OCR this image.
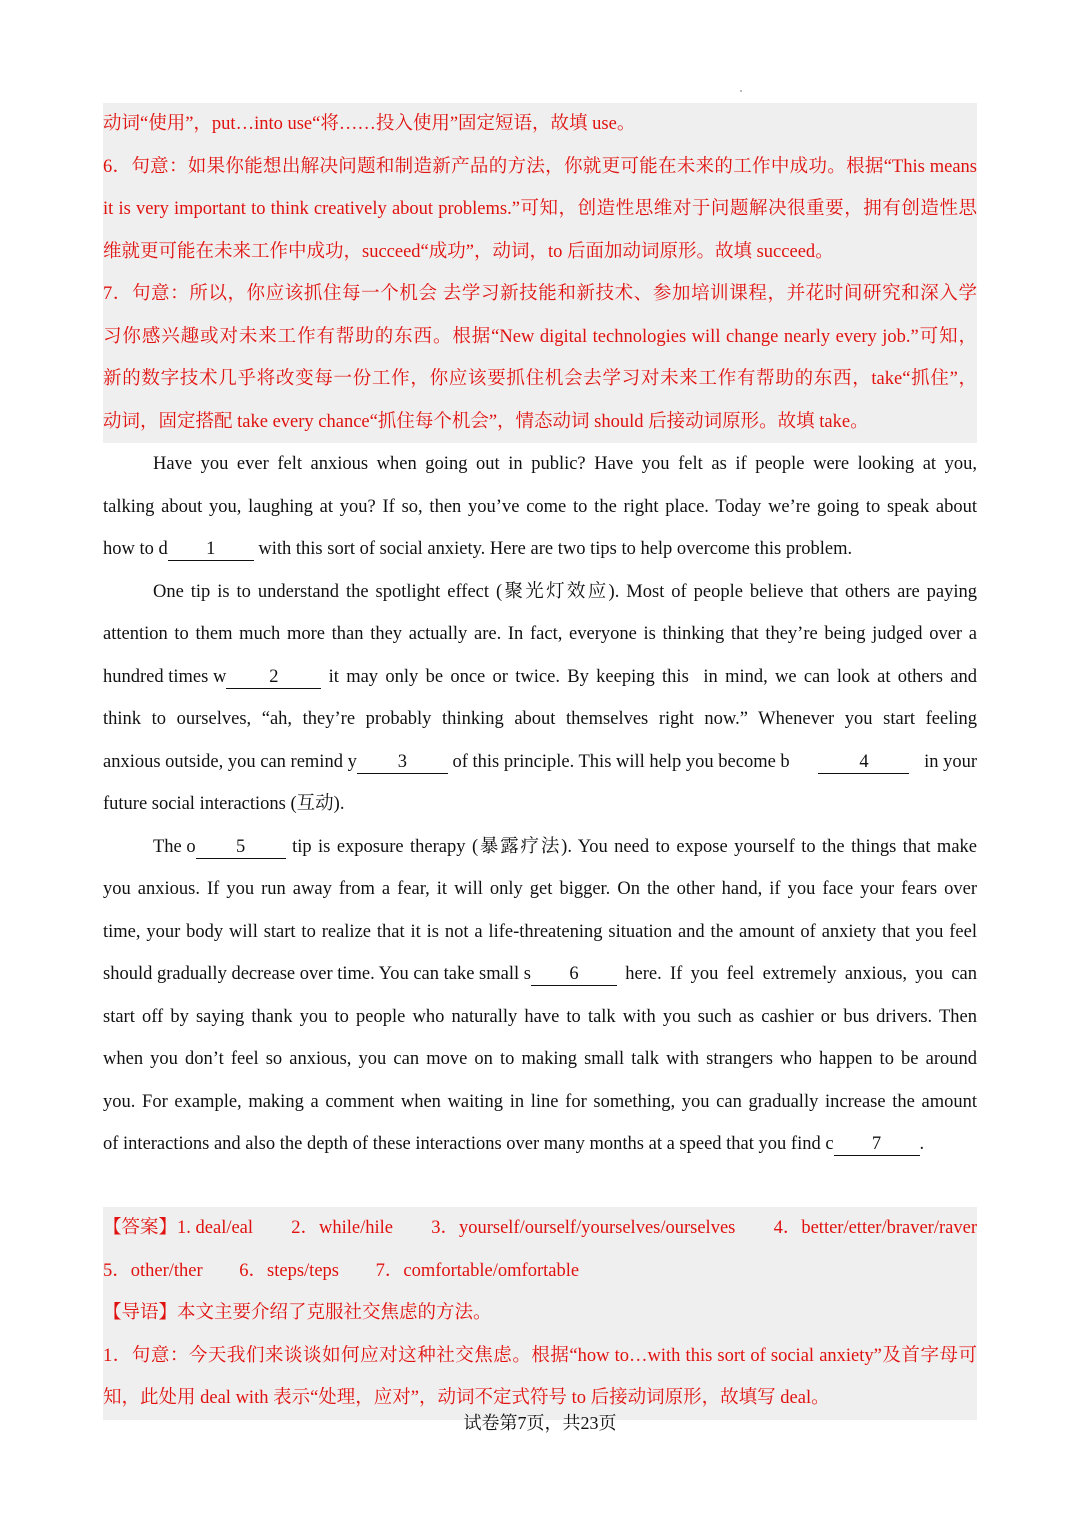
动词“使用”，put…into use“将……投入使用”固定短语，故填 use。
6．句意：如果你能想出解决问题和制造新产品的方法，你就更可能在未来的工作中成功。根据“This means
it is very important to think creatively about problems.”可知，创造性思维对于问题解决很重要，拥有创造性思
维就更可能在未来工作中成功，succeed“成功”，动词，to 后面加动词原形。故填 succeed。
7．句意：所以，你应该抓住每一个机会 去学习新技能和新技术、参加培训课程，并花时间研究和深入学
习你感兴趣或对未来工作有帮助的东西。根据“New digital technologies will change nearly every job.”可知，
新的数字技术几乎将改变每一份工作，你应该要抓住机会去学习对未来工作有帮助的东西，take“抓住”，
动词，固定搭配 take every chance“抓住每个机会”，情态动词 should 后接动词原形。故填 take。
Have you ever felt anxious when going out in public? Have you felt as if people were looking at you,
talking about you, laughing at you? If so, then you’ve come to the right place. Today we’re going to speak about
how to d 1 with this sort of social anxiety. Here are two tips to help overcome this problem.
One tip is to understand the spotlight effect (聚光灯效应). Most of people believe that others are paying
attention to them much more than they actually are. In fact, everyone is thinking that they’re being judged over a
hundred times w	2	it may only be once or twice. By keeping this  in mind, we can look at others and
think to ourselves, “ah, they’re probably thinking about themselves right now.” Whenever you start feeling
anxious outside, you can remind y	3	of this principle. This will help you become b	4	in your
future social interactions (互动).
The o	5	tip is exposure therapy (暴露疗法). You need to expose yourself to the things that make
you anxious. If you run away from a fear, it will only get bigger. On the other hand, if you face your fears over
time, your body will start to realize that it is not a life-threatening situation and the amount of anxiety that you feel
should gradually decrease over time. You can take small s	6	here. If you feel extremely anxious, you can
start off by saying thank you to people who naturally have to talk with you such as cashier or bus drivers. Then
when you don’t feel so anxious, you can move on to making small talk with strangers who happen to be around
you. For example, making a comment when waiting in line for something, you can gradually increase the amount
of interactions and also the depth of these interactions over many months at a speed that you find c 7 .
【答案】1. deal/eal 2．while/hile 3．yourself/ourself/yourselves/ourselves 4．better/etter/braver/raver
5．other/ther 6．steps/teps 7．comfortable/omfortable
【导语】本文主要介绍了克服社交焦虑的方法。
1．句意：今天我们来谈谈如何应对这种社交焦虑。根据“how to…with this sort of social anxiety”及首字母可
知，此处用 deal with 表示“处理，应对”，动词不定式符号 to 后接动词原形，故填写 deal。
试卷第7页，共23页
